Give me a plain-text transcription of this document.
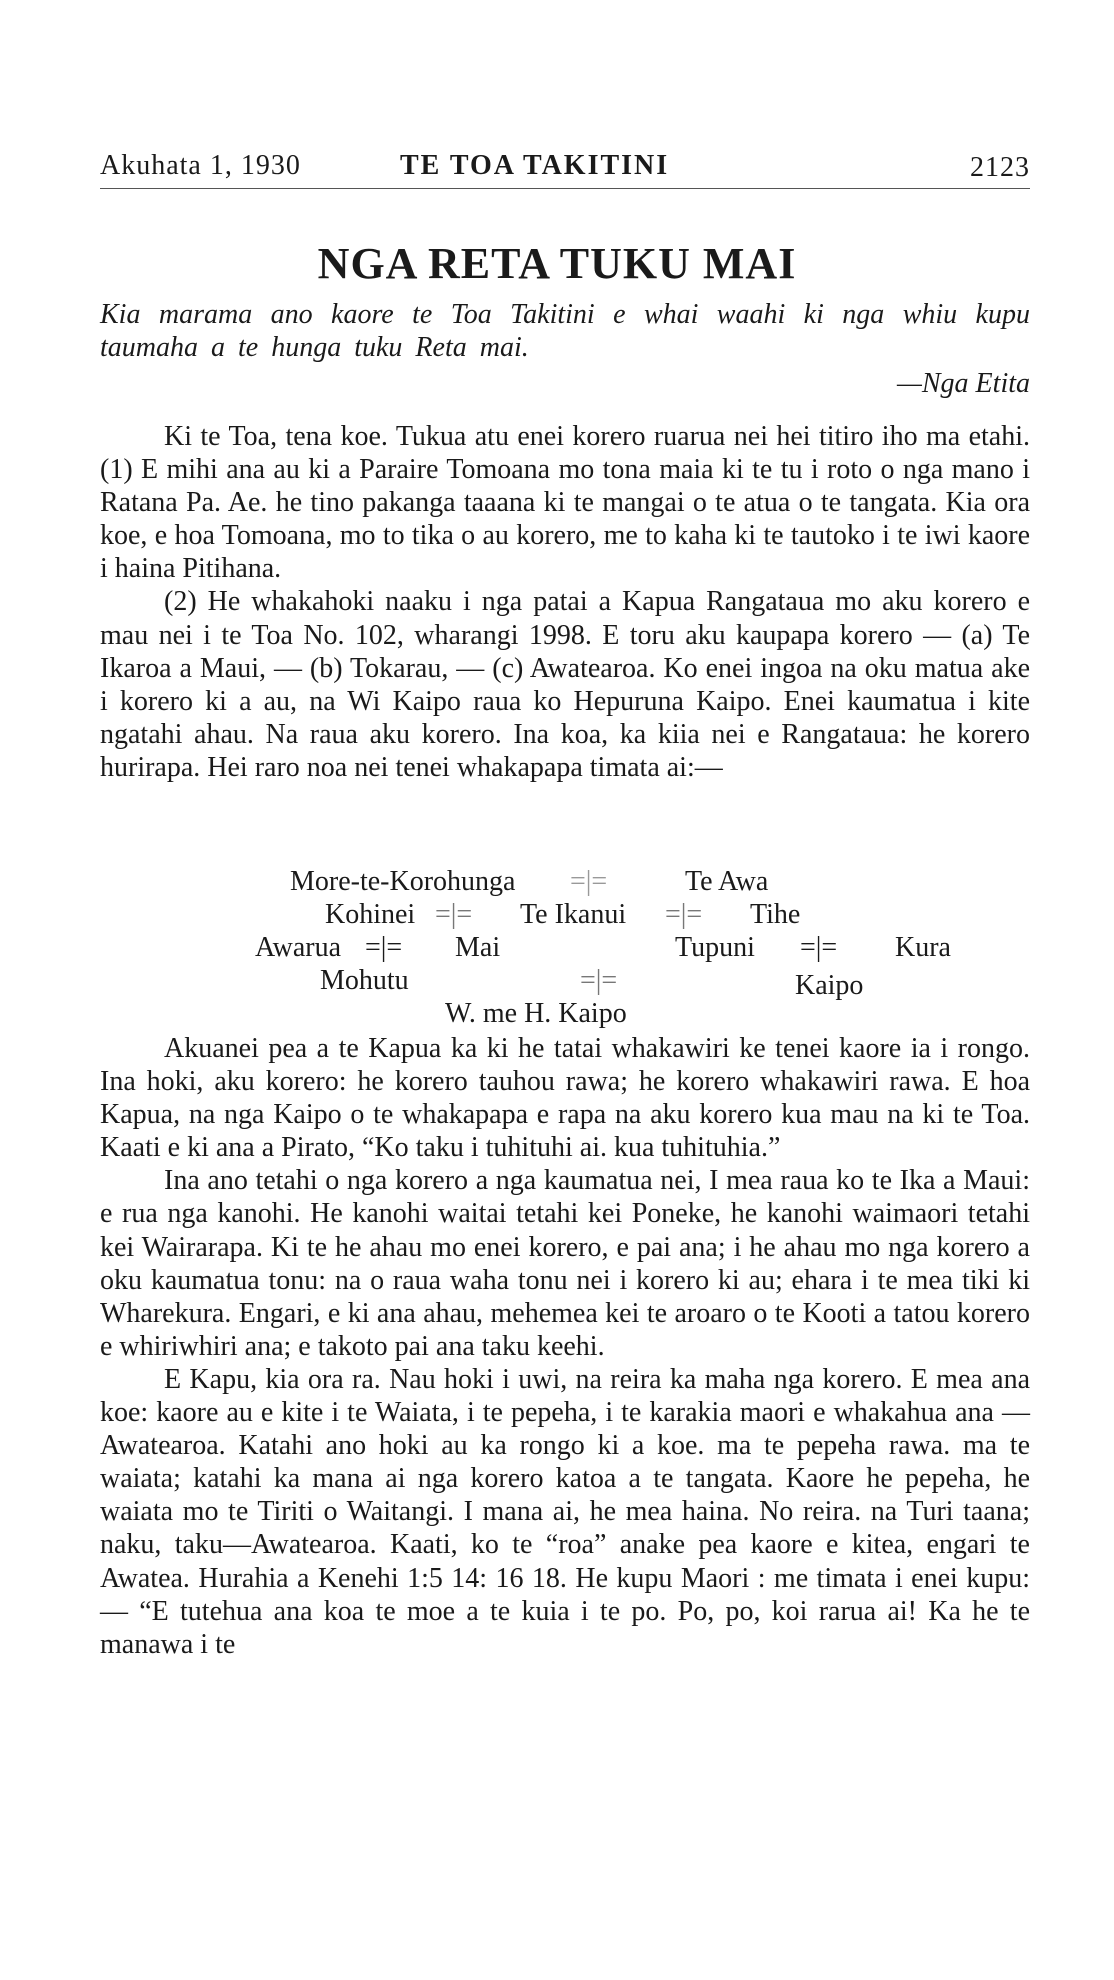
Akuhata 1, 1930	TE TOA TAKITINI	2123
NGA RETA TUKU MAI
Kia marama ano kaore te Toa Takitini e whai waahi ki nga whiu kupu taumaha a te hunga tuku Reta mai.
—Nga Etita

Ki te Toa, tena koe. Tukua atu enei korero ruarua nei hei titiro iho ma etahi. (1) E mihi ana au ki a Paraire Tomoana mo tona maia ki te tu i roto o nga mano i Ratana Pa. Ae. he tino pakanga taaana ki te mangai o te atua o te tangata. Kia ora koe, e hoa Tomoana, mo to tika o au korero, me to kaha ki te tautoko i te iwi kaore i haina Pitihana.

(2) He whakahoki naaku i nga patai a Kapua Rangataua mo aku korero e mau nei i te Toa No. 102, wharangi 1998. E toru aku kaupapa korero — (a) Te Ikaroa a Maui, — (b) Tokarau, — (c) Awatearoa. Ko enei ingoa na oku matua ake i korero ki a au, na Wi Kaipo raua ko Hepuruna Kaipo. Enei kaumatua i kite ngatahi ahau. Na raua aku korero. Ina koa, ka kiia nei e Rangataua: he korero hurirapa. Hei raro noa nei tenei whakapapa timata ai:—

More-te-Korohunga =|=	Te Awa
Kohinei =|= Te Ikanui =|= Tihe
Awarua =|= Mai	Tupuni =|= Kura
Mohutu	=|=	Kaipo
W. me H. Kaipo

Akuanei pea a te Kapua ka ki he tatai whakawiri ke tenei kaore ia i rongo. Ina hoki, aku korero: he korero tauhou rawa; he korero whakawiri rawa. E hoa Kapua, na nga Kaipo o te whakapapa e rapa na aku korero kua mau na ki te Toa. Kaati e ki ana a Pirato, “Ko taku i tuhituhi ai. kua tuhituhia.”

Ina ano tetahi o nga korero a nga kaumatua nei, I mea raua ko te Ika a Maui: e rua nga kanohi. He kanohi waitai tetahi kei Poneke, he kanohi waimaori tetahi kei Wairarapa. Ki te he ahau mo enei korero, e pai ana; i he ahau mo nga korero a oku kaumatua tonu: na o raua waha tonu nei i korero ki au; ehara i te mea tiki ki Wharekura. Engari, e ki ana ahau, mehemea kei te aroaro o te Kooti a tatou korero e whiriwhiri ana; e takoto pai ana taku keehi.

E Kapu, kia ora ra. Nau hoki i uwi, na reira ka maha nga korero. E mea ana koe: kaore au e kite i te Waiata, i te pepeha, i te karakia maori e whakahua ana — Awatearoa. Katahi ano hoki au ka rongo ki a koe. ma te pepeha rawa. ma te waiata; katahi ka mana ai nga korero katoa a te tangata. Kaore he pepeha, he waiata mo te Tiriti o Waitangi. I mana ai, he mea haina. No reira. na Turi taana; naku, taku—Awatearoa. Kaati, ko te “roa” anake pea kaore e kitea, engari te Awatea. Hurahia a Kenehi 1:5 14: 16 18. He kupu Maori : me timata i enei kupu:— “E tutehua ana koa te moe a te kuia i te po. Po, po, koi rarua ai! Ka he te manawa i te
